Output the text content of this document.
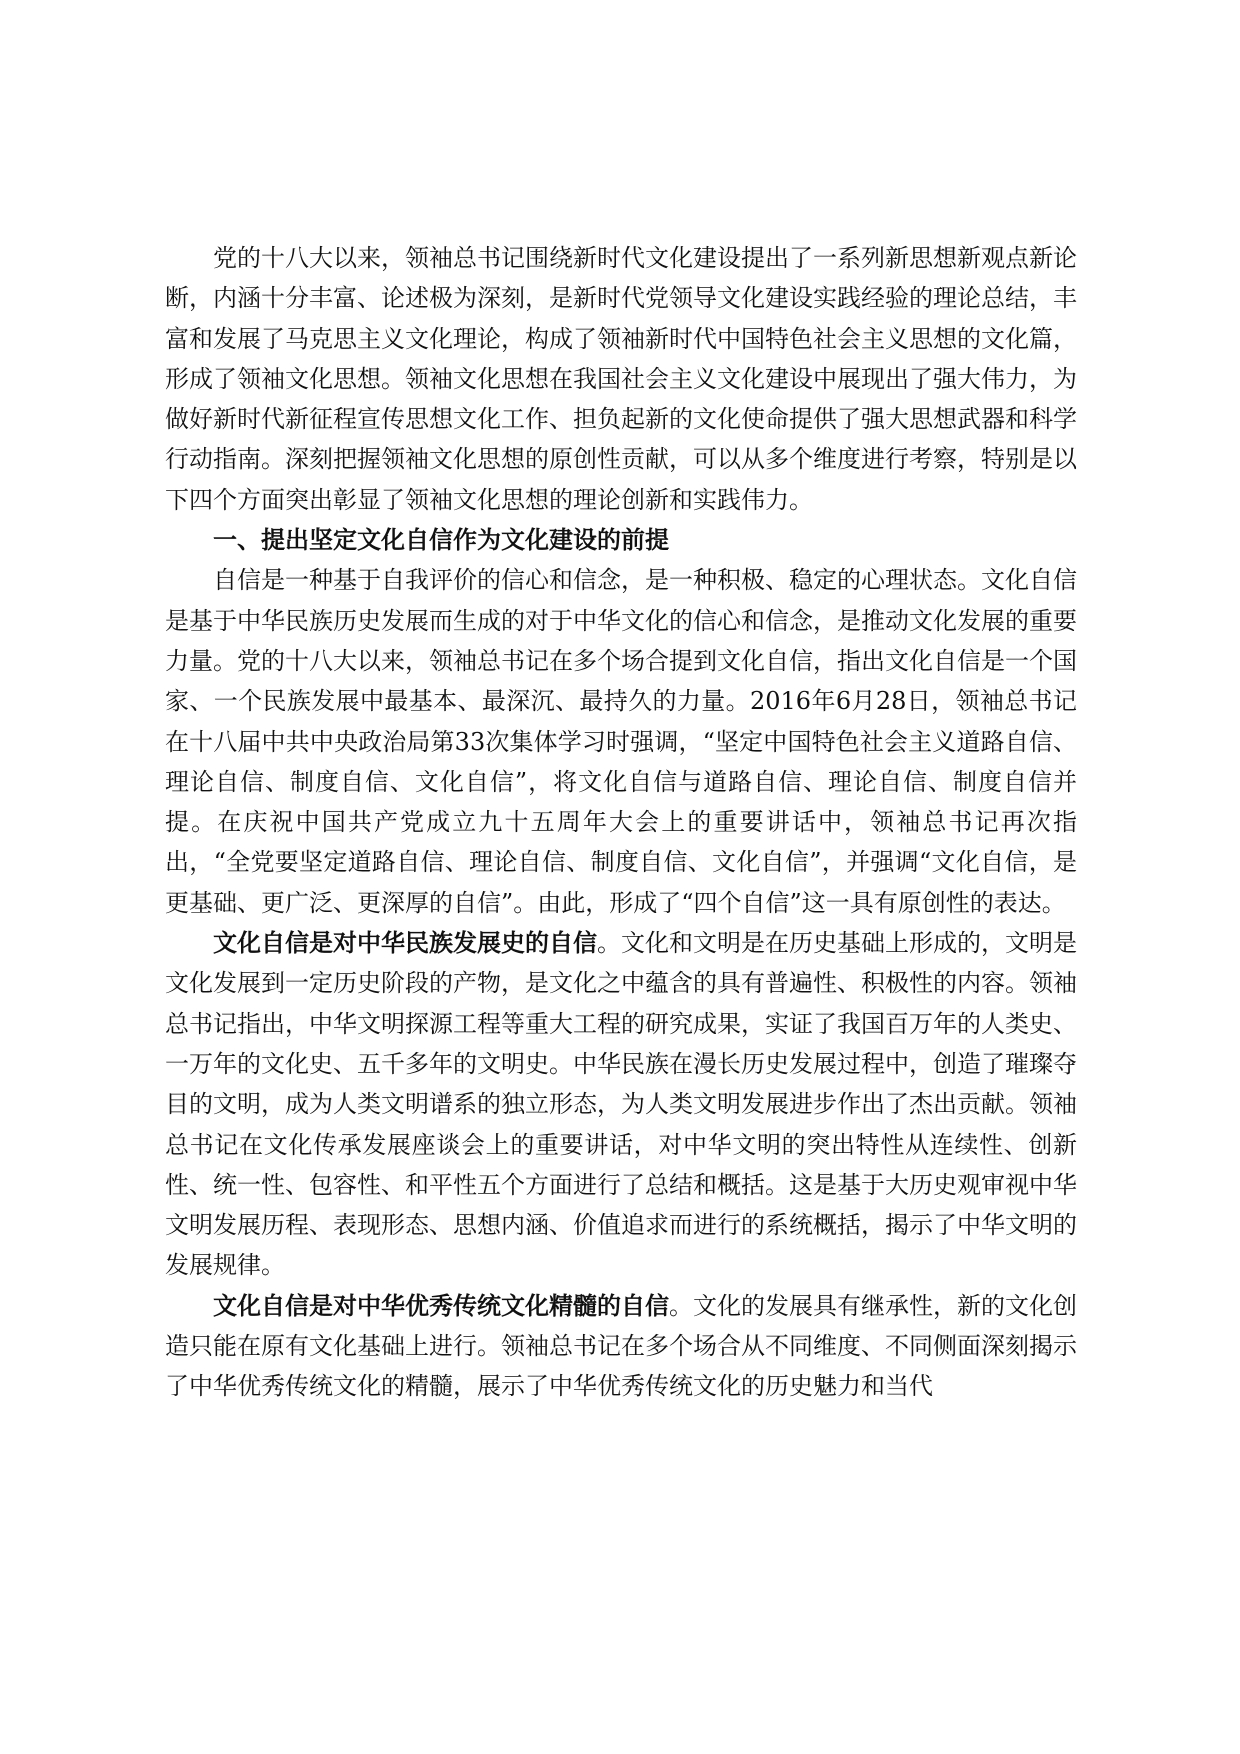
党的十八大以来，领袖总书记围绕新时代文化建设提出了一系列新思想新观点新论断，内涵十分丰富、论述极为深刻，是新时代党领导文化建设实践经验的理论总结，丰富和发展了马克思主义文化理论，构成了领袖新时代中国特色社会主义思想的文化篇，形成了领袖文化思想。领袖文化思想在我国社会主义文化建设中展现出了强大伟力，为做好新时代新征程宣传思想文化工作、担负起新的文化使命提供了强大思想武器和科学行动指南。深刻把握领袖文化思想的原创性贡献，可以从多个维度进行考察，特别是以下四个方面突出彰显了领袖文化思想的理论创新和实践伟力。

一、提出坚定文化自信作为文化建设的前提

自信是一种基于自我评价的信心和信念，是一种积极、稳定的心理状态。文化自信是基于中华民族历史发展而生成的对于中华文化的信心和信念，是推动文化发展的重要力量。党的十八大以来，领袖总书记在多个场合提到文化自信，指出文化自信是一个国家、一个民族发展中最基本、最深沉、最持久的力量。2016年6月28日，领袖总书记在十八届中共中央政治局第33次集体学习时强调，“坚定中国特色社会主义道路自信、理论自信、制度自信、文化自信”，将文化自信与道路自信、理论自信、制度自信并提。在庆祝中国共产党成立九十五周年大会上的重要讲话中，领袖总书记再次指出，“全党要坚定道路自信、理论自信、制度自信、文化自信”，并强调“文化自信，是更基础、更广泛、更深厚的自信”。由此，形成了“四个自信”这一具有原创性的表达。

文化自信是对中华民族发展史的自信。文化和文明是在历史基础上形成的，文明是文化发展到一定历史阶段的产物，是文化之中蕴含的具有普遍性、积极性的内容。领袖总书记指出，中华文明探源工程等重大工程的研究成果，实证了我国百万年的人类史、一万年的文化史、五千多年的文明史。中华民族在漫长历史发展过程中，创造了璀璨夺目的文明，成为人类文明谱系的独立形态，为人类文明发展进步作出了杰出贡献。领袖总书记在文化传承发展座谈会上的重要讲话，对中华文明的突出特性从连续性、创新性、统一性、包容性、和平性五个方面进行了总结和概括。这是基于大历史观审视中华文明发展历程、表现形态、思想内涵、价值追求而进行的系统概括，揭示了中华文明的发展规律。

文化自信是对中华优秀传统文化精髓的自信。文化的发展具有继承性，新的文化创造只能在原有文化基础上进行。领袖总书记在多个场合从不同维度、不同侧面深刻揭示了中华优秀传统文化的精髓，展示了中华优秀传统文化的历史魅力和当代
